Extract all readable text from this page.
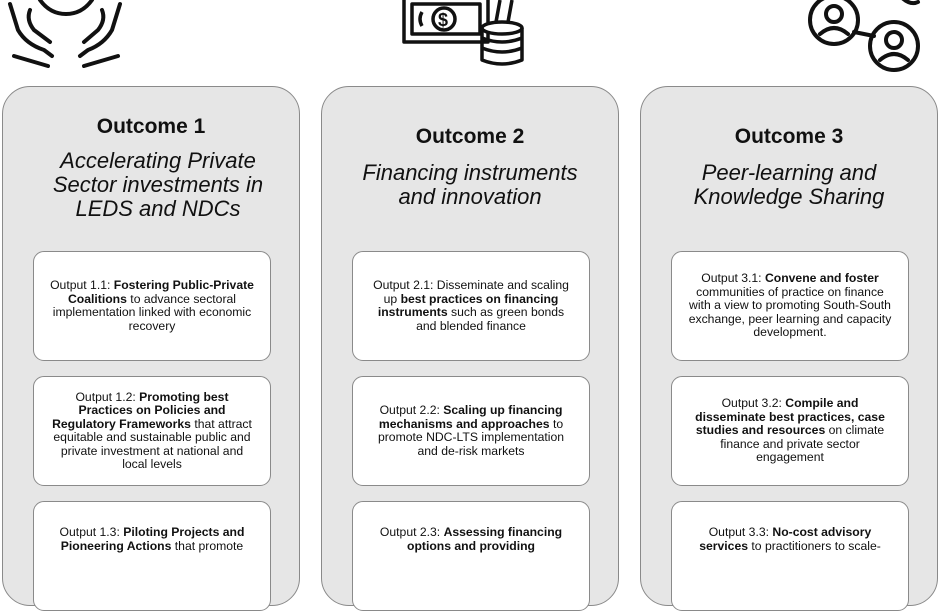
$
Outcome 1
Accelerating Private Sector investments in LEDS and NDCs
Output 1.1: Fostering Public-Private Coalitions to advance sectoral implementation linked with economic recovery
Output 1.2: Promoting best Practices on Policies and Regulatory Frameworks that attract equitable and sustainable public and private investment at national and local levels
Output 1.3: Piloting Projects and Pioneering Actions that promote
Outcome 2
Financing instruments and innovation
Output 2.1: Disseminate and scaling up best practices on financing instruments such as green bonds and blended finance
Output 2.2: Scaling up financing mechanisms and approaches to promote NDC-LTS implementation and de-risk markets
Output 2.3: Assessing financing options and providing
Outcome 3
Peer-learning and Knowledge Sharing
Output 3.1: Convene and foster communities of practice on finance with a view to promoting South-South exchange, peer learning and capacity development.
Output 3.2: Compile and disseminate best practices, case studies and resources on climate finance and private sector engagement
Output 3.3: No-cost advisory services to practitioners to scale-
